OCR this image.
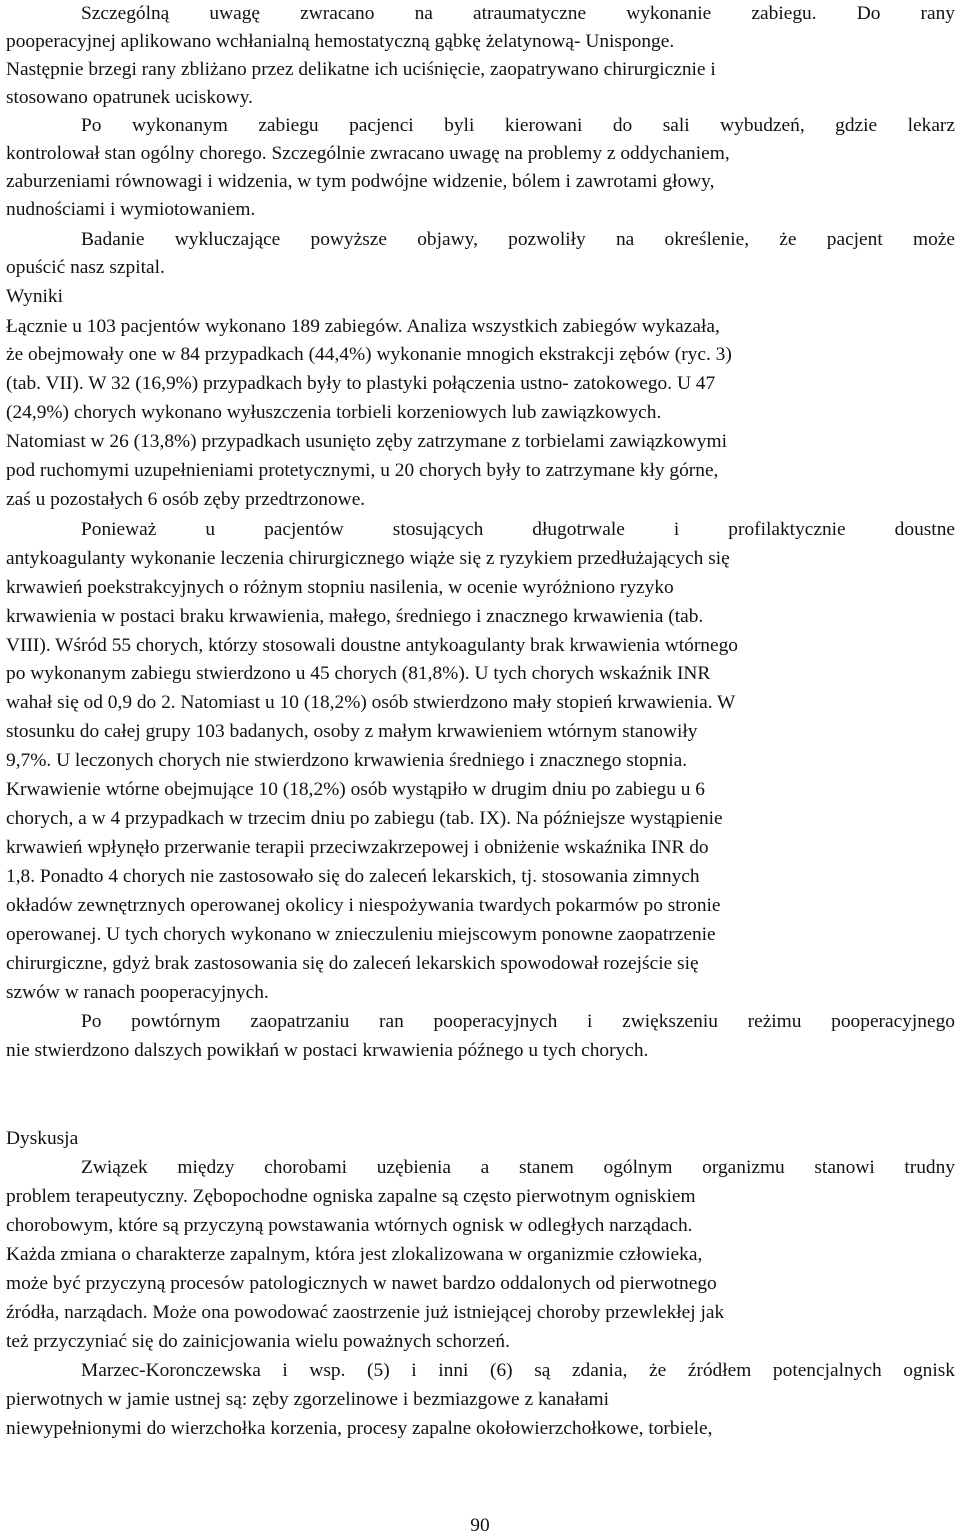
Szczególną uwagę zwracano na atraumatyczne wykonanie zabiegu. Do rany
pooperacyjnej aplikowano wchłanialną hemostatyczną gąbkę żelatynową- Unisponge.
Następnie brzegi rany zbliżano przez delikatne ich uciśnięcie, zaopatrywano chirurgicznie i
stosowano opatrunek uciskowy.
Po wykonanym zabiegu pacjenci byli kierowani do sali wybudzeń, gdzie lekarz
kontrolował stan ogólny chorego. Szczególnie zwracano uwagę na problemy z oddychaniem,
zaburzeniami równowagi i widzenia, w tym podwójne widzenie, bólem i zawrotami głowy,
nudnościami i wymiotowaniem.
Badanie wykluczające powyższe objawy, pozwoliły na określenie, że pacjent może
opuścić nasz szpital.
Wyniki
Łącznie u 103 pacjentów wykonano 189 zabiegów. Analiza wszystkich zabiegów wykazała,
że obejmowały one w 84 przypadkach (44,4%) wykonanie mnogich ekstrakcji zębów (ryc. 3)
(tab. VII). W 32 (16,9%) przypadkach były to plastyki połączenia ustno- zatokowego. U 47
(24,9%) chorych wykonano wyłuszczenia torbieli korzeniowych lub zawiązkowych.
Natomiast w 26 (13,8%) przypadkach usunięto zęby zatrzymane z torbielami zawiązkowymi
pod ruchomymi uzupełnieniami protetycznymi, u 20 chorych były to zatrzymane kły górne,
zaś u pozostałych 6 osób zęby przedtrzonowe.
Ponieważ u pacjentów stosujących długotrwale i profilaktycznie doustne
antykoagulanty wykonanie leczenia chirurgicznego wiąże się z ryzykiem przedłużających się
krwawień poekstrakcyjnych o różnym stopniu nasilenia, w ocenie wyróżniono ryzyko
krwawienia w postaci braku krwawienia, małego, średniego i znacznego krwawienia (tab.
VIII). Wśród 55 chorych, którzy stosowali doustne antykoagulanty brak krwawienia wtórnego
po wykonanym zabiegu stwierdzono u 45 chorych (81,8%). U tych chorych wskaźnik INR
wahał się od 0,9 do 2. Natomiast u 10 (18,2%) osób stwierdzono mały stopień krwawienia. W
stosunku do całej grupy 103 badanych, osoby z małym krwawieniem wtórnym stanowiły
9,7%. U leczonych chorych nie stwierdzono krwawienia średniego i znacznego stopnia.
Krwawienie wtórne obejmujące 10 (18,2%) osób wystąpiło w drugim dniu po zabiegu u 6
chorych, a w 4 przypadkach w trzecim dniu po zabiegu (tab. IX). Na późniejsze wystąpienie
krwawień wpłynęło przerwanie terapii przeciwzakrzepowej i obniżenie wskaźnika INR do
1,8. Ponadto 4 chorych nie zastosowało się do zaleceń lekarskich, tj. stosowania zimnych
okładów zewnętrznych operowanej okolicy i niespożywania twardych pokarmów po stronie
operowanej. U tych chorych wykonano w znieczuleniu miejscowym ponowne zaopatrzenie
chirurgiczne, gdyż brak zastosowania się do zaleceń lekarskich spowodował rozejście się
szwów w ranach pooperacyjnych.
Po powtórnym zaopatrzaniu ran pooperacyjnych i zwiększeniu reżimu pooperacyjnego
nie stwierdzono dalszych powikłań w postaci krwawienia późnego u tych chorych.
Dyskusja
Związek między chorobami uzębienia a stanem ogólnym organizmu stanowi trudny
problem terapeutyczny. Zębopochodne ogniska zapalne są często pierwotnym ogniskiem
chorobowym, które są przyczyną powstawania wtórnych ognisk w odległych narządach.
Każda zmiana o charakterze zapalnym, która jest zlokalizowana w organizmie człowieka,
może być przyczyną procesów patologicznych w nawet bardzo oddalonych od pierwotnego
źródła, narządach. Może ona powodować zaostrzenie już istniejącej choroby przewlekłej jak
też przyczyniać się do zainicjowania wielu poważnych schorzeń.
Marzec-Koronczewska i wsp. (5) i inni (6) są zdania, że źródłem potencjalnych ognisk
pierwotnych w jamie ustnej są: zęby zgorzelinowe i bezmiazgowe z kanałami
niewypełnionymi do wierzchołka korzenia, procesy zapalne okołowierzchołkowe, torbiele,
90
